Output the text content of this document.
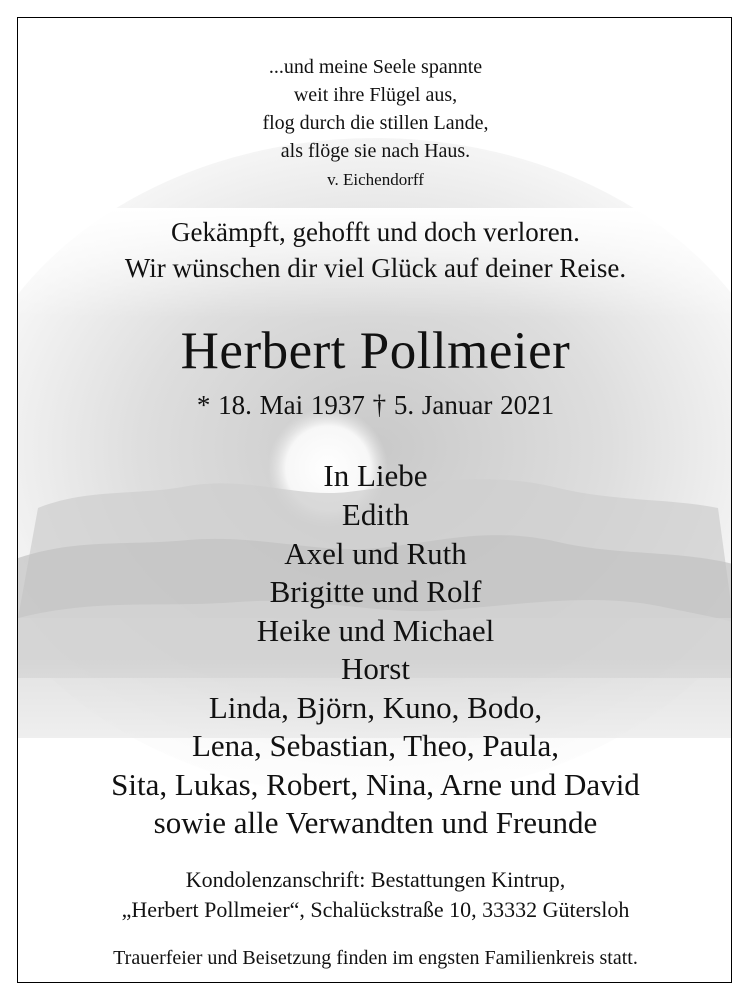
...und meine Seele spannte
weit ihre Flügel aus,
flog durch die stillen Lande,
als flöge sie nach Haus.
v. Eichendorff
Gekämpft, gehofft und doch verloren.
Wir wünschen dir viel Glück auf deiner Reise.
Herbert Pollmeier
* 18. Mai 1937 † 5. Januar 2021
In Liebe
Edith
Axel und Ruth
Brigitte und Rolf
Heike und Michael
Horst
Linda, Björn, Kuno, Bodo,
Lena, Sebastian, Theo, Paula,
Sita, Lukas, Robert, Nina, Arne und David
sowie alle Verwandten und Freunde
Kondolenzanschrift: Bestattungen Kintrup,
„Herbert Pollmeier“, Schalückstraße 10, 33332 Gütersloh
Trauerfeier und Beisetzung finden im engsten Familienkreis statt.
